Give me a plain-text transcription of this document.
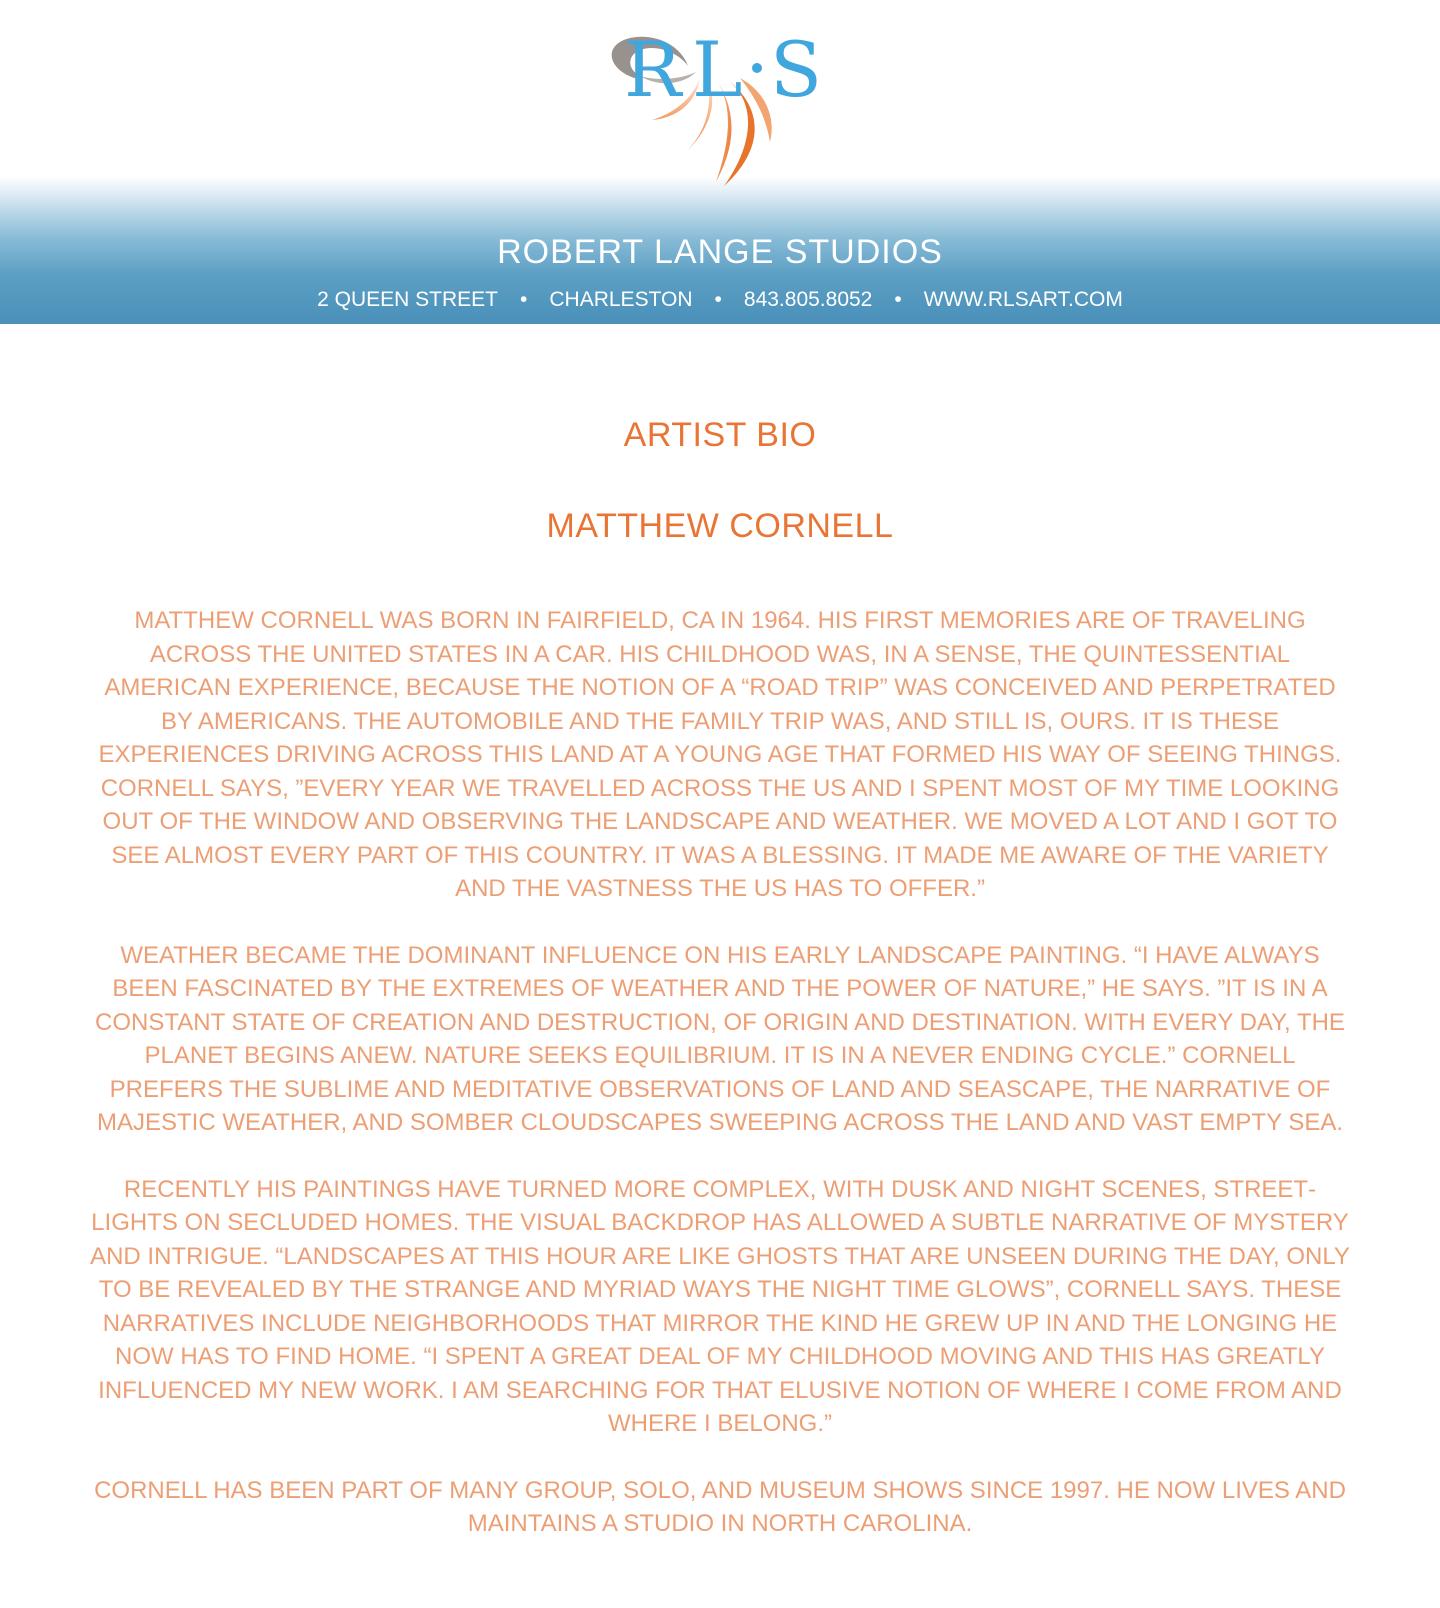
R L S
ROBERT LANGE STUDIOS
2 QUEEN STREET • CHARLESTON • 843.805.8052 • WWW.RLSART.COM
ARTIST BIO
MATTHEW CORNELL

MATTHEW CORNELL WAS BORN IN FAIRFIELD, CA IN 1964. HIS FIRST MEMORIES ARE OF TRAVELING ACROSS THE UNITED STATES IN A CAR. HIS CHILDHOOD WAS, IN A SENSE, THE QUINTESSENTIAL AMERICAN EXPERIENCE, BECAUSE THE NOTION OF A “ROAD TRIP” WAS CONCEIVED AND PERPETRATED BY AMERICANS. THE AUTOMOBILE AND THE FAMILY TRIP WAS, AND STILL IS, OURS. IT IS THESE EXPERIENCES DRIVING ACROSS THIS LAND AT A YOUNG AGE THAT FORMED HIS WAY OF SEEING THINGS. CORNELL SAYS, ”EVERY YEAR WE TRAVELLED ACROSS THE US AND I SPENT MOST OF MY TIME LOOKING OUT OF THE WINDOW AND OBSERVING THE LANDSCAPE AND WEATHER. WE MOVED A LOT AND I GOT TO SEE ALMOST EVERY PART OF THIS COUNTRY. IT WAS A BLESSING. IT MADE ME AWARE OF THE VARIETY AND THE VASTNESS THE US HAS TO OFFER.”

WEATHER BECAME THE DOMINANT INFLUENCE ON HIS EARLY LANDSCAPE PAINTING. “I HAVE ALWAYS BEEN FASCINATED BY THE EXTREMES OF WEATHER AND THE POWER OF NATURE,” HE SAYS. ”IT IS IN A CONSTANT STATE OF CREATION AND DESTRUCTION, OF ORIGIN AND DESTINATION. WITH EVERY DAY, THE PLANET BEGINS ANEW. NATURE SEEKS EQUILIBRIUM. IT IS IN A NEVER ENDING CYCLE.” CORNELL PREFERS THE SUBLIME AND MEDITATIVE OBSERVATIONS OF LAND AND SEASCAPE, THE NARRATIVE OF MAJESTIC WEATHER, AND SOMBER CLOUDSCAPES SWEEPING ACROSS THE LAND AND VAST EMPTY SEA.

RECENTLY HIS PAINTINGS HAVE TURNED MORE COMPLEX, WITH DUSK AND NIGHT SCENES, STREETLIGHTS ON SECLUDED HOMES. THE VISUAL BACKDROP HAS ALLOWED A SUBTLE NARRATIVE OF MYSTERY AND INTRIGUE. “LANDSCAPES AT THIS HOUR ARE LIKE GHOSTS THAT ARE UNSEEN DURING THE DAY, ONLY TO BE REVEALED BY THE STRANGE AND MYRIAD WAYS THE NIGHT TIME GLOWS”, CORNELL SAYS. THESE NARRATIVES INCLUDE NEIGHBORHOODS THAT MIRROR THE KIND HE GREW UP IN AND THE LONGING HE NOW HAS TO FIND HOME. “I SPENT A GREAT DEAL OF MY CHILDHOOD MOVING AND THIS HAS GREATLY INFLUENCED MY NEW WORK. I AM SEARCHING FOR THAT ELUSIVE NOTION OF WHERE I COME FROM AND WHERE I BELONG.”

CORNELL HAS BEEN PART OF MANY GROUP, SOLO, AND MUSEUM SHOWS SINCE 1997. HE NOW LIVES AND MAINTAINS A STUDIO IN NORTH CAROLINA.
